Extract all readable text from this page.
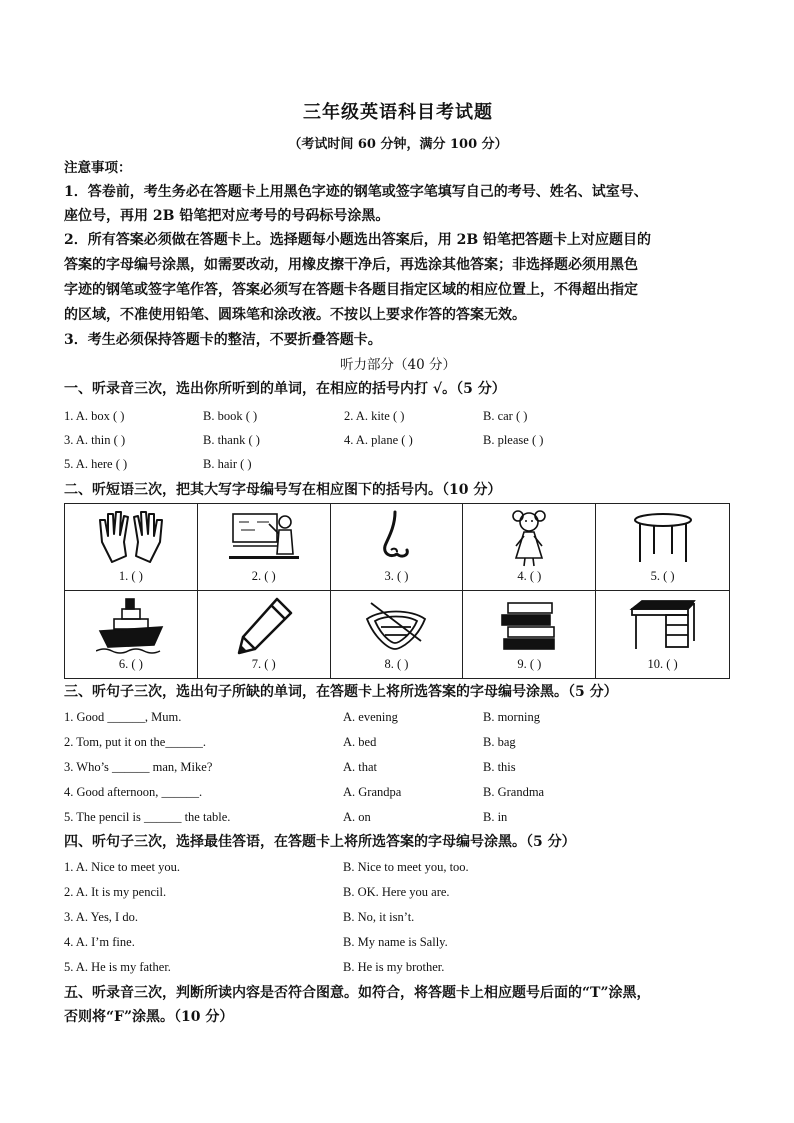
三年级英语科目考试题
（考试时间 60 分钟，满分 100 分）
注意事项：
1．答卷前，考生务必在答题卡上用黑色字迹的钢笔或签字笔填写自己的考号、姓名、试室号、
座位号，再用 2B 铅笔把对应考号的号码标号涂黑。
2．所有答案必须做在答题卡上。选择题每小题选出答案后，用 2B 铅笔把答题卡上对应题目的
答案的字母编号涂黑，如需要改动，用橡皮擦干净后，再选涂其他答案；非选择题必须用黑色
字迹的钢笔或签字笔作答，答案必须写在答题卡各题目指定区域的相应位置上，不得超出指定
的区域，不准使用铅笔、圆珠笔和涂改液。不按以上要求作答的答案无效。
3．考生必须保持答题卡的整洁，不要折叠答题卡。
听力部分（40 分）
一、听录音三次，选出你所听到的单词，在相应的括号内打 √。（5 分）
1. A. box ( )	B. book ( )	2. A. kite ( )	B. car ( )
3. A. thin ( )	B. thank ( )	4. A. plane ( )	B. please ( )
5. A. here ( )	B. hair ( )
二、听短语三次，把其大写字母编号写在相应图下的括号内。（10 分）
1. ( )	2. ( )	3. ( )	4. ( )	5. ( )
6. ( )	7. ( )	8. ( )	9. ( )	10. ( )
三、听句子三次，选出句子所缺的单词，在答题卡上将所选答案的字母编号涂黑。（5 分）
1. Good ______, Mum.	A. evening	B. morning
2. Tom, put it on the______.	A. bed	B. bag
3. Who’s ______ man, Mike?	A. that	B. this
4. Good afternoon, ______.	A. Grandpa	B. Grandma
5. The pencil is ______ the table.	A. on	B. in
四、听句子三次，选择最佳答语，在答题卡上将所选答案的字母编号涂黑。（5 分）
1. A. Nice to meet you.	B. Nice to meet you, too.
2. A. It is my pencil.	B. OK. Here you are.
3. A. Yes, I do.	B. No, it isn’t.
4. A. I’m fine.	B. My name is Sally.
5. A. He is my father.	B. He is my brother.
五、听录音三次，判断所读内容是否符合图意。如符合，将答题卡上相应题号后面的“T”涂黑，
否则将“F”涂黑。（10 分）
